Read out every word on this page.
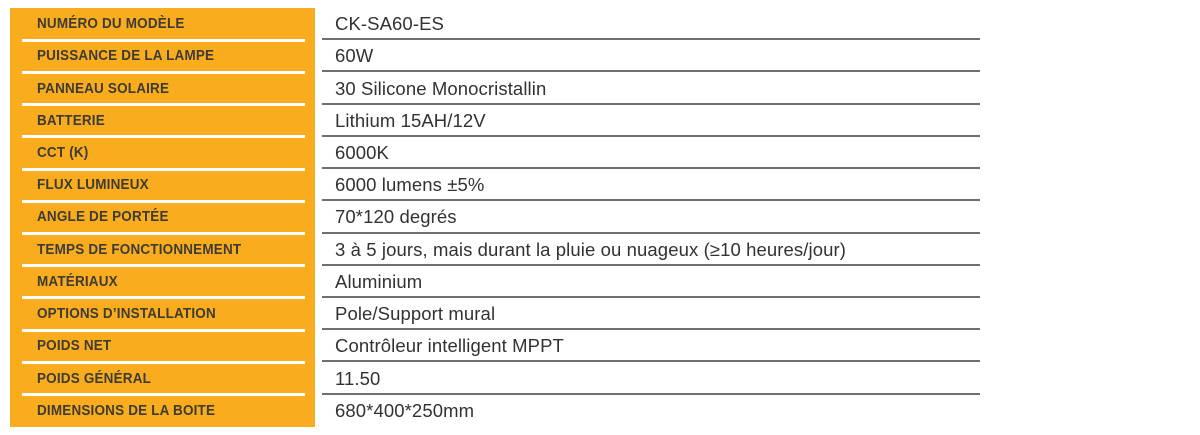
NUMÉRO DU MODÈLE	CK-SA60-ES
PUISSANCE DE LA LAMPE	60W
PANNEAU SOLAIRE	30 Silicone Monocristallin
BATTERIE	Lithium 15AH/12V
CCT (K)	6000K
FLUX LUMINEUX	6000 lumens ±5%
ANGLE DE PORTÉE	70*120 degrés
TEMPS DE FONCTIONNEMENT	3 à 5 jours, mais durant la pluie ou nuageux (≥10 heures/jour)
MATÉRIAUX	Aluminium
OPTIONS D’INSTALLATION	Pole/Support mural
POIDS NET	Contrôleur intelligent MPPT
POIDS GÉNÉRAL	11.50
DIMENSIONS DE LA BOITE	680*400*250mm
